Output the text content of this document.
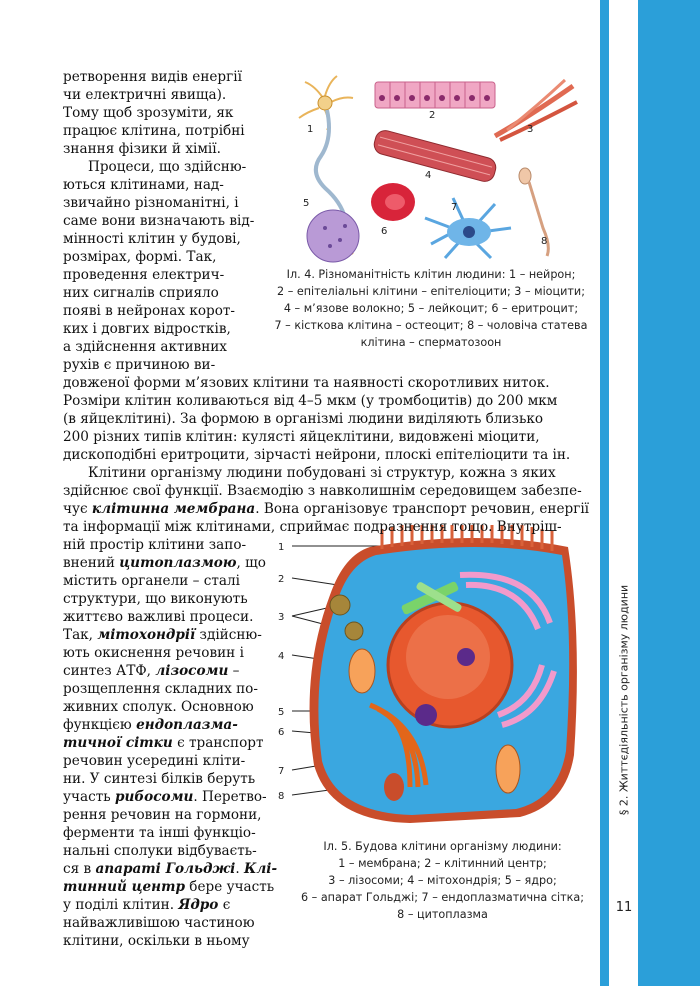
§ 2. Життєдіяльність організму людини
11
1
2
3
4
5
6
7
8
Іл. 4. Різноманітність клітин людини: 1 – нейрон;
2 – епітеліальні клітини – епітеліоцити; 3 – міоцити;
4 – м’язове волокно; 5 – лейкоцит; 6 – еритроцит;
7 – кісткова клітина – остеоцит; 8 – чоловіча статева
клітина – сперматозоон
1
2
3
4
5
6
7
8
Іл. 5. Будова клітини організму людини:
1 – мембрана; 2 – клітинний центр;
3 – лізосоми; 4 – мітохондрія; 5 – ядро;
6 – апарат Гольджі; 7 – ендоплазматична сітка;
8 – цитоплазма
ретворення видів енергії
чи електричні явища).
Тому щоб зрозуміти, як
працює клітина, потрібні
знання фізики й хімії.
Процеси, що здійсню-
ються клітинами, над-
звичайно різноманітні, і
саме вони визначають від-
мінності клітин у будові,
розмірах, формі. Так,
проведення електрич-
них сигналів сприяло
появі в нейронах корот-
ких і довгих відростків,
а здійснення активних
рухів є причиною ви-
довженої форми м’язових клітини та наявності скоротливих ниток.
Розміри клітин коливаються від 4–5 мкм (у тромбоцитів) до 200 мкм
(в яйцеклітині). За формою в організмі людини виділяють близько
200 різних типів клітин: кулясті яйцеклітини, видовжені міоцити,
дископодібні еритроцити, зірчасті нейрони, плоскі епітеліоцити та ін.
Клітини організму людини побудовані зі структур, кожна з яких
здійснює свої функції. Взаємодію з навколишнім середовищем забезпе-
чує клітинна мембрана. Вона організовує транспорт речовин, енергії
та інформації між клітинами, сприймає подразнення тощо. Внутріш-
ній простір клітини запо-
внений цитоплазмою, що
містить органели – сталі
структури, що виконують
життєво важливі процеси.
Так, мітохондрії здійсню-
ють окиснення речовин і
синтез АТФ, лізосоми –
розщеплення складних по-
живних сполук. Основною
функцією ендоплазма-
тичної сітки є транспорт
речовин усередині кліти-
ни. У синтезі білків беруть
участь рибосоми. Перетво-
рення речовин на гормони,
ферменти та інші функціо-
нальні сполуки відбуваєть-
ся в апараті Гольджі. Клі-
тинний центр бере участь
у поділі клітин. Ядро є
найважливішою частиною
клітини, оскільки в ньому
